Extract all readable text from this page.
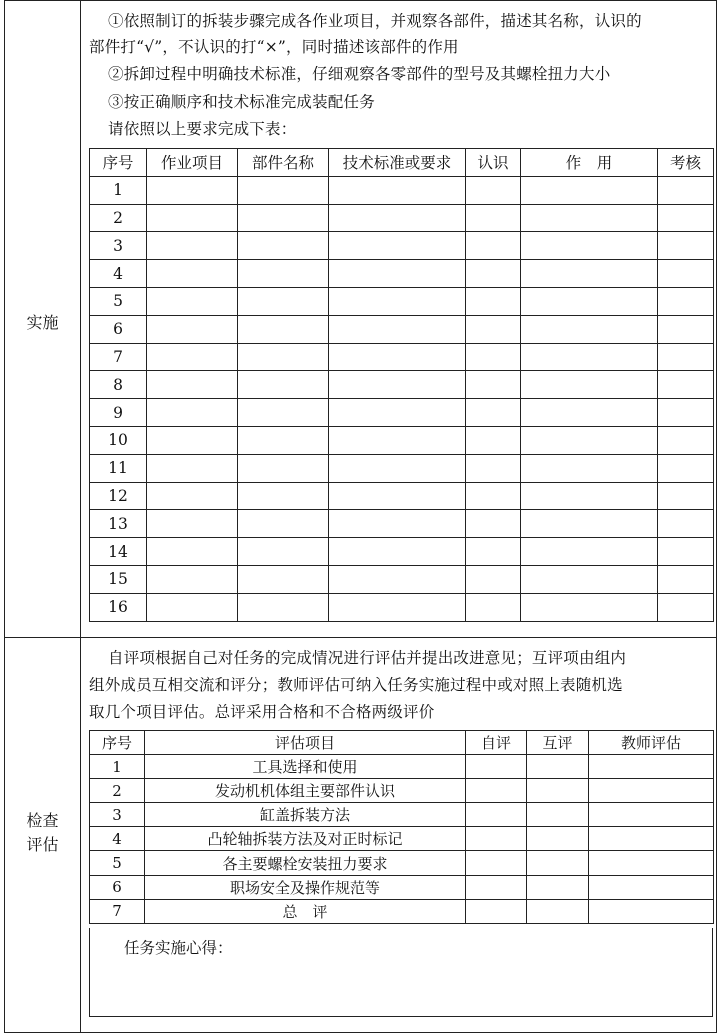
实施
①依照制订的拆装步骤完成各作业项目，并观察各部件，描述其名称，认识的
部件打“√”，不认识的打“×”，同时描述该部件的作用
②拆卸过程中明确技术标准，仔细观察各零部件的型号及其螺栓扭力大小
③按正确顺序和技术标准完成装配任务
请依照以上要求完成下表：
检查
评估
自评项根据自己对任务的完成情况进行评估并提出改进意见；互评项由组内
组外成员互相交流和评分；教师评估可纳入任务实施过程中或对照上表随机选
取几个项目评估。总评采用合格和不合格两级评价
序号	作业项目	部件名称	技术标准或要求	认识	作　用	考核
1						
2						
3						
4						
5						
6						
7						
8						
9						
10						
11						
12						
13						
14						
15						
16						
序号	评估项目	自评	互评	教师评估
1	工具选择和使用			
2	发动机机体组主要部件认识			
3	缸盖拆装方法			
4	凸轮轴拆装方法及对正时标记			
5	各主要螺栓安装扭力要求			
6	职场安全及操作规范等			
7	总　评			
任务实施心得：
